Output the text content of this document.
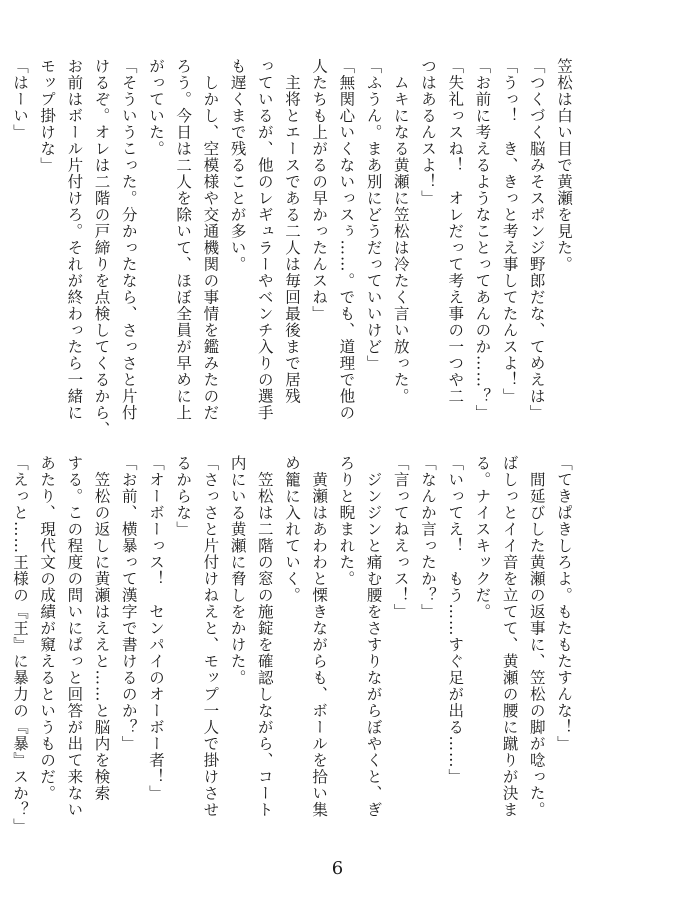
笠松は白い目で黄瀬を見た。
「つくづく脳みそスポンジ野郎だな、てめえは」
「うっ！　き、きっと考え事してたんスよ！」
「お前に考えるようなことってあんのか……？」
「失礼っスね！　オレだって考え事の一つや二
つはあるんスよ！」
　ムキになる黄瀬に笠松は冷たく言い放った。
「ふうん。まあ別にどうだっていいけど」
「無関心いくないっスぅ……。でも、道理で他の
人たちも上がるの早かったんスね」
　主将とエースである二人は毎回最後まで居残
っているが、他のレギュラーやベンチ入りの選手
も遅くまで残ることが多い。
　しかし、空模様や交通機関の事情を鑑みたのだ
ろう。今日は二人を除いて、ほぼ全員が早めに上
がっていた。
「そういうこった。分かったなら、さっさと片付
けるぞ。オレは二階の戸締りを点検してくるから、
お前はボール片付けろ。それが終わったら一緒に
モップ掛けな」
「はーい」
「てきぱきしろよ。もたもたすんな！」
　間延びした黄瀬の返事に、笠松の脚が唸った。
ばしっとイイ音を立てて、黄瀬の腰に蹴りが決ま
る。ナイスキックだ。
「いってえ！　もう……すぐ足が出る……」
「なんか言ったか？」
「言ってねえっス！」
　ジンジンと痛む腰をさすりながらぼやくと、ぎ
ろりと睨まれた。
　黄瀬はあわわと慄きながらも、ボールを拾い集
め籠に入れていく。
　笠松は二階の窓の施錠を確認しながら、コート
内にいる黄瀬に脅しをかけた。
「さっさと片付けねえと、モップ一人で掛けさせ
るからな」
「オーボーっス！　センパイのオーボー者！」
「お前、横暴って漢字で書けるのか？」
　笠松の返しに黄瀬はええと……と脳内を検索
する。この程度の問いにぱっと回答が出て来ない
あたり、現代文の成績が窺えるというものだ。
「えっと……王様の『王』に暴力の『暴』スか？」
6
